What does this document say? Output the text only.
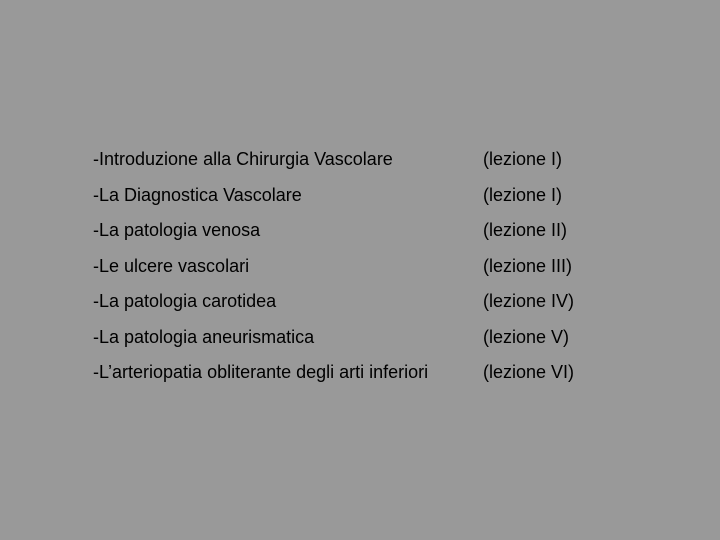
-Introduzione alla Chirurgia Vascolare	(lezione I)
-La Diagnostica Vascolare	(lezione I)
-La patologia venosa	(lezione II)
-Le ulcere vascolari	(lezione III)
-La patologia carotidea	(lezione IV)
-La patologia aneurismatica	(lezione V)
-L’arteriopatia obliterante degli arti inferiori	(lezione VI)
